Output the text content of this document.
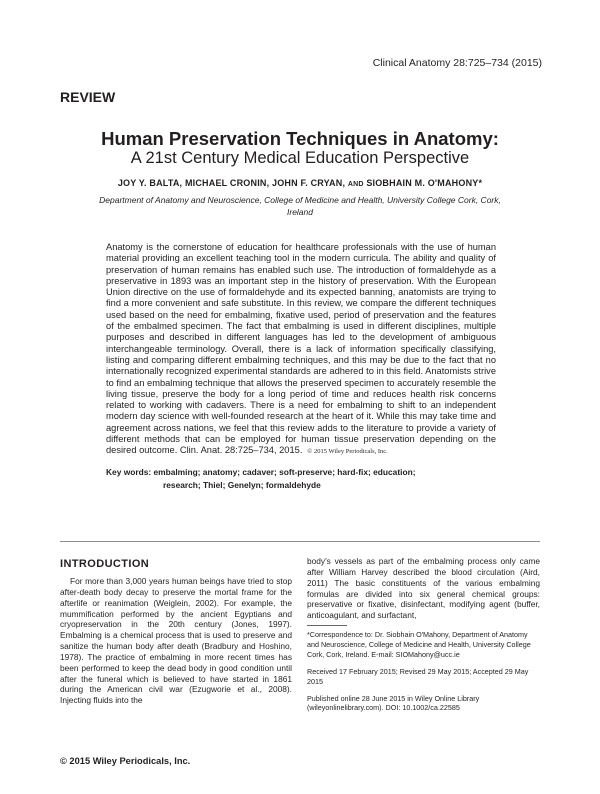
Clinical Anatomy 28:725–734 (2015)
REVIEW
Human Preservation Techniques in Anatomy:
A 21st Century Medical Education Perspective
JOY Y. BALTA, MICHAEL CRONIN, JOHN F. CRYAN, AND SIOBHAIN M. O'MAHONY*
Department of Anatomy and Neuroscience, College of Medicine and Health, University College Cork, Cork, Ireland
Anatomy is the cornerstone of education for healthcare professionals with the use of human material providing an excellent teaching tool in the modern curricula. The ability and quality of preservation of human remains has enabled such use. The introduction of formaldehyde as a preservative in 1893 was an important step in the history of preservation. With the European Union directive on the use of formaldehyde and its expected banning, anatomists are trying to find a more convenient and safe substitute. In this review, we compare the different techniques used based on the need for embalming, fixative used, period of preservation and the features of the embalmed specimen. The fact that embalming is used in different disciplines, multiple purposes and described in different languages has led to the development of ambiguous interchangeable terminology. Overall, there is a lack of information specifically classifying, listing and comparing different embalming techniques, and this may be due to the fact that no internationally recognized experimental standards are adhered to in this field. Anatomists strive to find an embalming technique that allows the preserved specimen to accurately resemble the living tissue, preserve the body for a long period of time and reduces health risk concerns related to working with cadavers. There is a need for embalming to shift to an independent modern day science with well-founded research at the heart of it. While this may take time and agreement across nations, we feel that this review adds to the literature to provide a variety of different methods that can be employed for human tissue preservation depending on the desired outcome. Clin. Anat. 28:725–734, 2015. © 2015 Wiley Periodicals, Inc.
Key words: embalming; anatomy; cadaver; soft-preserve; hard-fix; education;
research; Thiel; Genelyn; formaldehyde
INTRODUCTION
For more than 3,000 years human beings have tried to stop after-death body decay to preserve the mortal frame for the afterlife or reanimation (Weiglein, 2002). For example, the mummification performed by the ancient Egyptians and cryopreservation in the 20th century (Jones, 1997). Embalming is a chemical process that is used to preserve and sanitize the human body after death (Bradbury and Hoshino, 1978). The practice of embalming in more recent times has been performed to keep the dead body in good condition until after the funeral which is believed to have started in 1861 during the American civil war (Ezugworie et al., 2008). Injecting fluids into the
body's vessels as part of the embalming process only came after William Harvey described the blood circulation (Aird, 2011) The basic constituents of the various embalming formulas are divided into six general chemical groups: preservative or fixative, disinfectant, modifying agent (buffer, anticoagulant, and surfactant,

*Correspondence to: Dr. Siobhain O'Mahony, Department of Anatomy and Neuroscience, College of Medicine and Health, University College Cork, Cork, Ireland. E-mail: SIOMahony@ucc.ie

Received 17 February 2015; Revised 29 May 2015; Accepted 29 May 2015

Published online 28 June 2015 in Wiley Online Library (wileyonlinelibrary.com). DOI: 10.1002/ca.22585

© 2015 Wiley Periodicals, Inc.
